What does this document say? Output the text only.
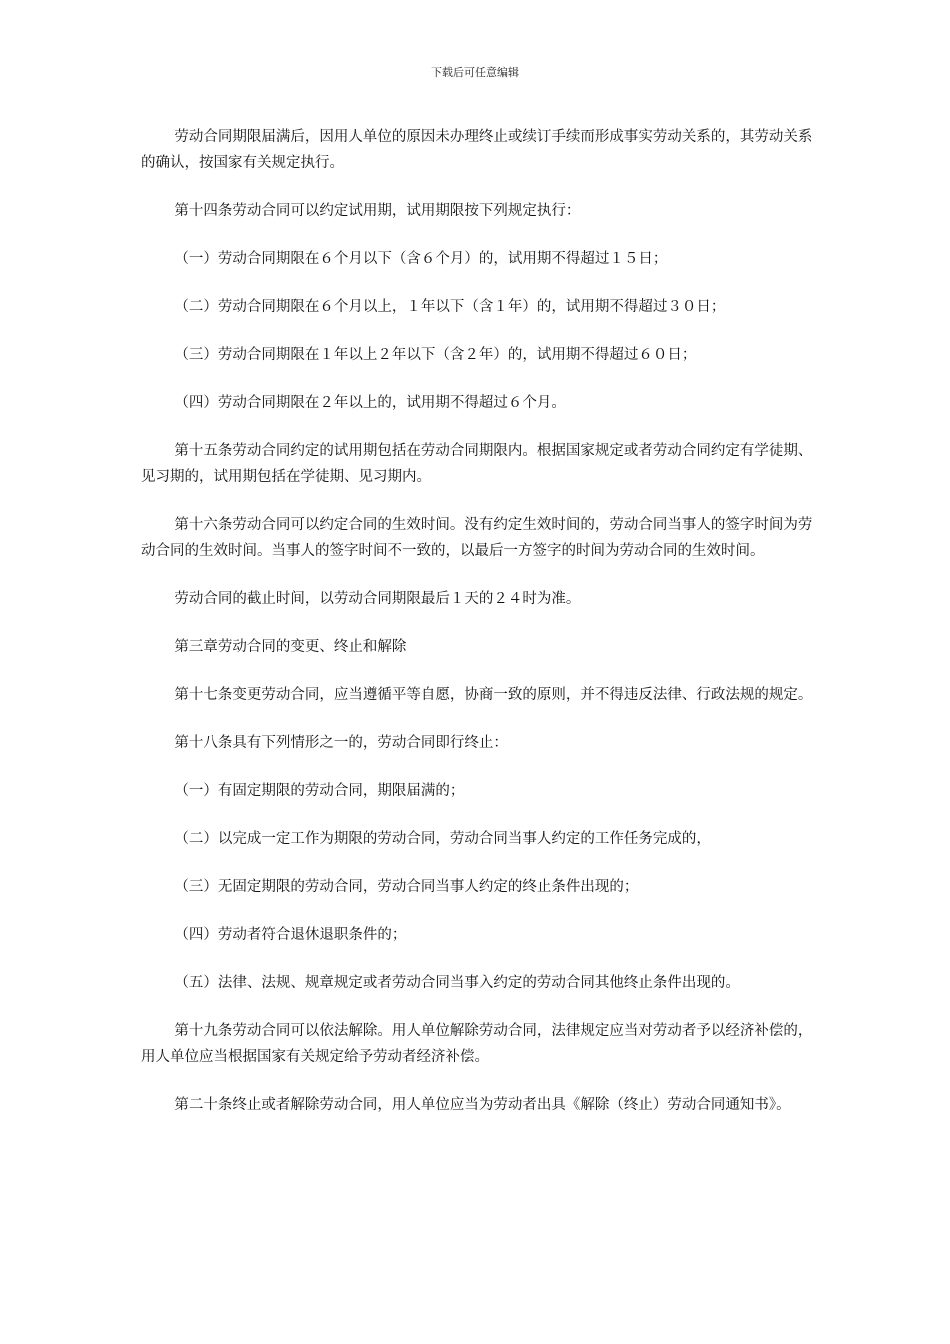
下载后可任意编辑

劳动合同期限届满后，因用人单位的原因未办理终止或续订手续而形成事实劳动关系的，其劳动关系的确认，按国家有关规定执行。

第十四条劳动合同可以约定试用期，试用期限按下列规定执行：

（一）劳动合同期限在６个月以下（含６个月）的，试用期不得超过１５日；

（二）劳动合同期限在６个月以上，１年以下（含１年）的，试用期不得超过３０日；

（三）劳动合同期限在１年以上２年以下（含２年）的，试用期不得超过６０日；

（四）劳动合同期限在２年以上的，试用期不得超过６个月。

第十五条劳动合同约定的试用期包括在劳动合同期限内。根据国家规定或者劳动合同约定有学徒期、见习期的，试用期包括在学徒期、见习期内。

第十六条劳动合同可以约定合同的生效时间。没有约定生效时间的，劳动合同当事人的签字时间为劳动合同的生效时间。当事人的签字时间不一致的，以最后一方签字的时间为劳动合同的生效时间。

劳动合同的截止时间，以劳动合同期限最后１天的２４时为准。

第三章劳动合同的变更、终止和解除

第十七条变更劳动合同，应当遵循平等自愿，协商一致的原则，并不得违反法律、行政法规的规定。

第十八条具有下列情形之一的，劳动合同即行终止：

（一）有固定期限的劳动合同，期限届满的；

（二）以完成一定工作为期限的劳动合同，劳动合同当事人约定的工作任务完成的，

（三）无固定期限的劳动合同，劳动合同当事人约定的终止条件出现的；

（四）劳动者符合退休退职条件的；

（五）法律、法规、规章规定或者劳动合同当事入约定的劳动合同其他终止条件出现的。

第十九条劳动合同可以依法解除。用人单位解除劳动合同，法律规定应当对劳动者予以经济补偿的，用人单位应当根据国家有关规定给予劳动者经济补偿。

第二十条终止或者解除劳动合同，用人单位应当为劳动者出具《解除（终止）劳动合同通知书》。
